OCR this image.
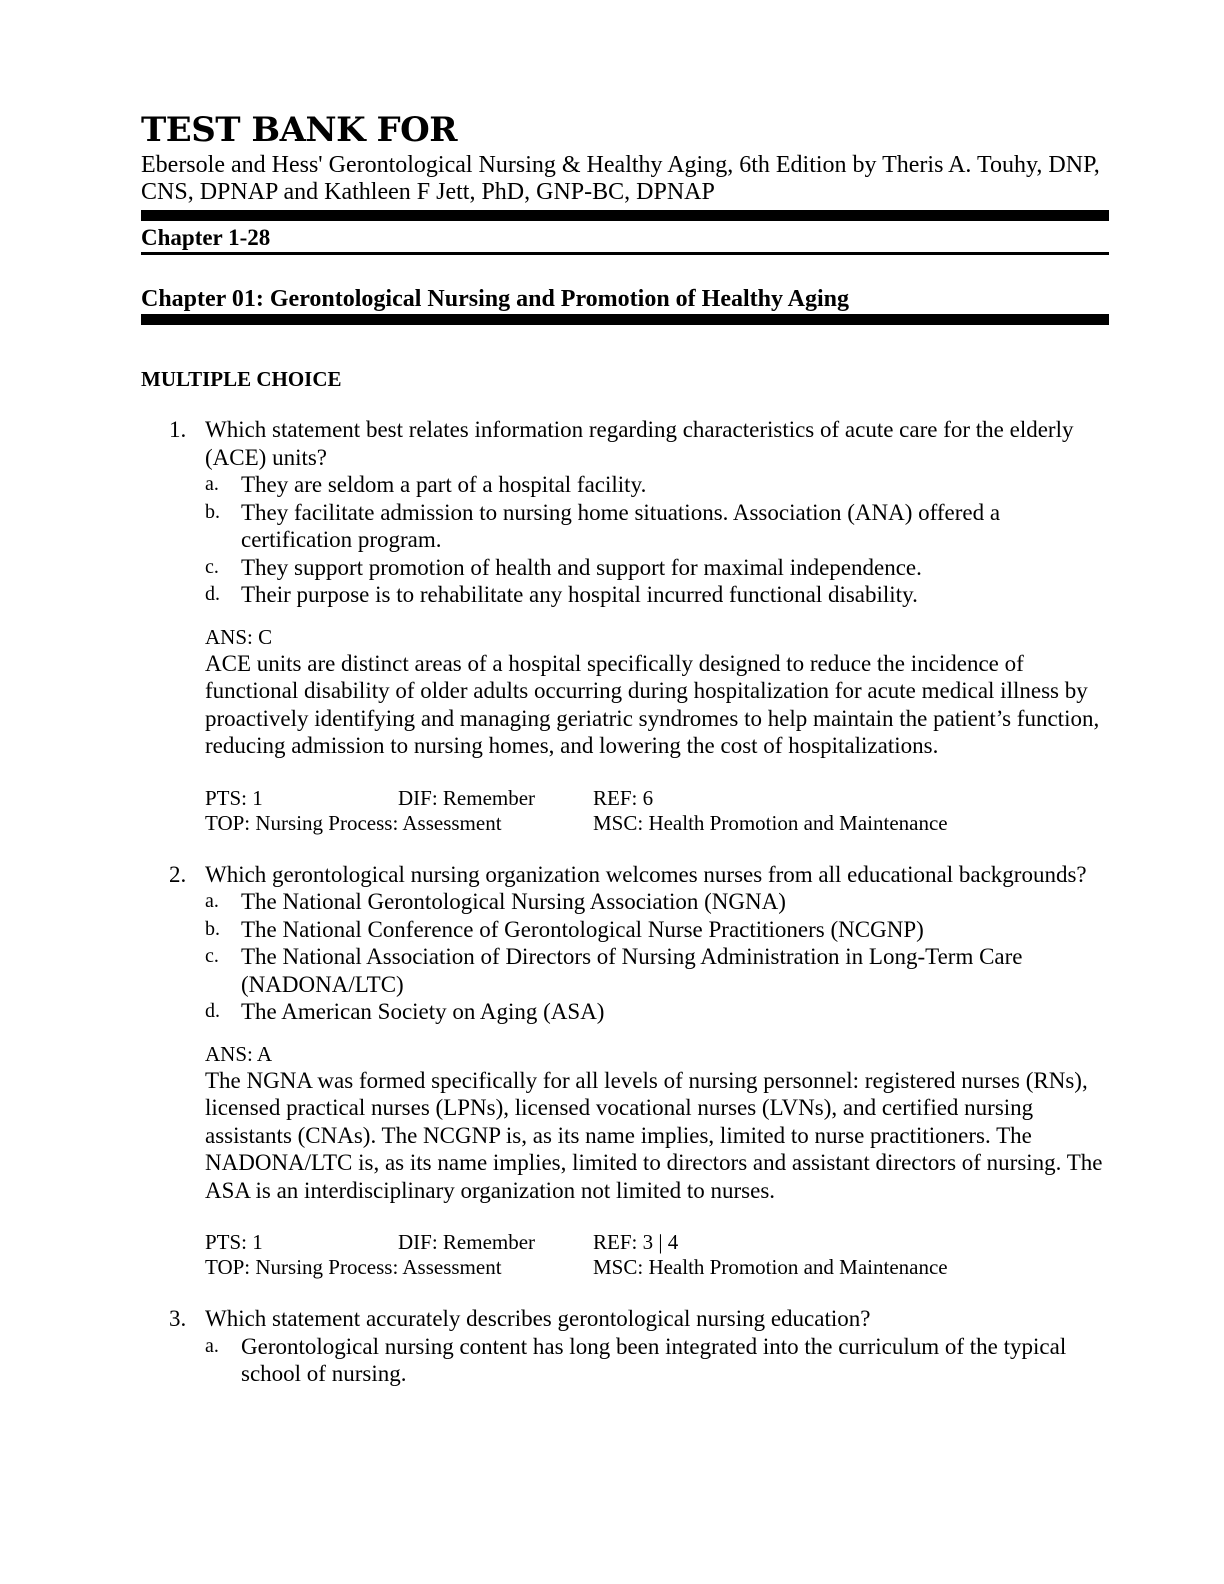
TEST BANK FOR
Ebersole and Hess' Gerontological Nursing & Healthy Aging, 6th Edition by Theris A. Touhy, DNP, CNS, DPNAP and Kathleen F Jett, PhD, GNP-BC, DPNAP
Chapter 1-28
Chapter 01: Gerontological Nursing and Promotion of Healthy Aging
MULTIPLE CHOICE
1. Which statement best relates information regarding characteristics of acute care for the elderly (ACE) units?
a. They are seldom a part of a hospital facility.
b. They facilitate admission to nursing home situations. Association (ANA) offered a certification program.
c. They support promotion of health and support for maximal independence.
d. Their purpose is to rehabilitate any hospital incurred functional disability.
ANS: C
ACE units are distinct areas of a hospital specifically designed to reduce the incidence of functional disability of older adults occurring during hospitalization for acute medical illness by proactively identifying and managing geriatric syndromes to help maintain the patient’s function, reducing admission to nursing homes, and lowering the cost of hospitalizations.
PTS: 1	DIF: Remember	REF: 6
TOP: Nursing Process: Assessment	MSC: Health Promotion and Maintenance
2. Which gerontological nursing organization welcomes nurses from all educational backgrounds?
a. The National Gerontological Nursing Association (NGNA)
b. The National Conference of Gerontological Nurse Practitioners (NCGNP)
c. The National Association of Directors of Nursing Administration in Long-Term Care (NADONA/LTC)
d. The American Society on Aging (ASA)
ANS: A
The NGNA was formed specifically for all levels of nursing personnel: registered nurses (RNs), licensed practical nurses (LPNs), licensed vocational nurses (LVNs), and certified nursing assistants (CNAs). The NCGNP is, as its name implies, limited to nurse practitioners. The NADONA/LTC is, as its name implies, limited to directors and assistant directors of nursing. The ASA is an interdisciplinary organization not limited to nurses.
PTS: 1	DIF: Remember	REF: 3 | 4
TOP: Nursing Process: Assessment	MSC: Health Promotion and Maintenance
3. Which statement accurately describes gerontological nursing education?
a. Gerontological nursing content has long been integrated into the curriculum of the typical school of nursing.
